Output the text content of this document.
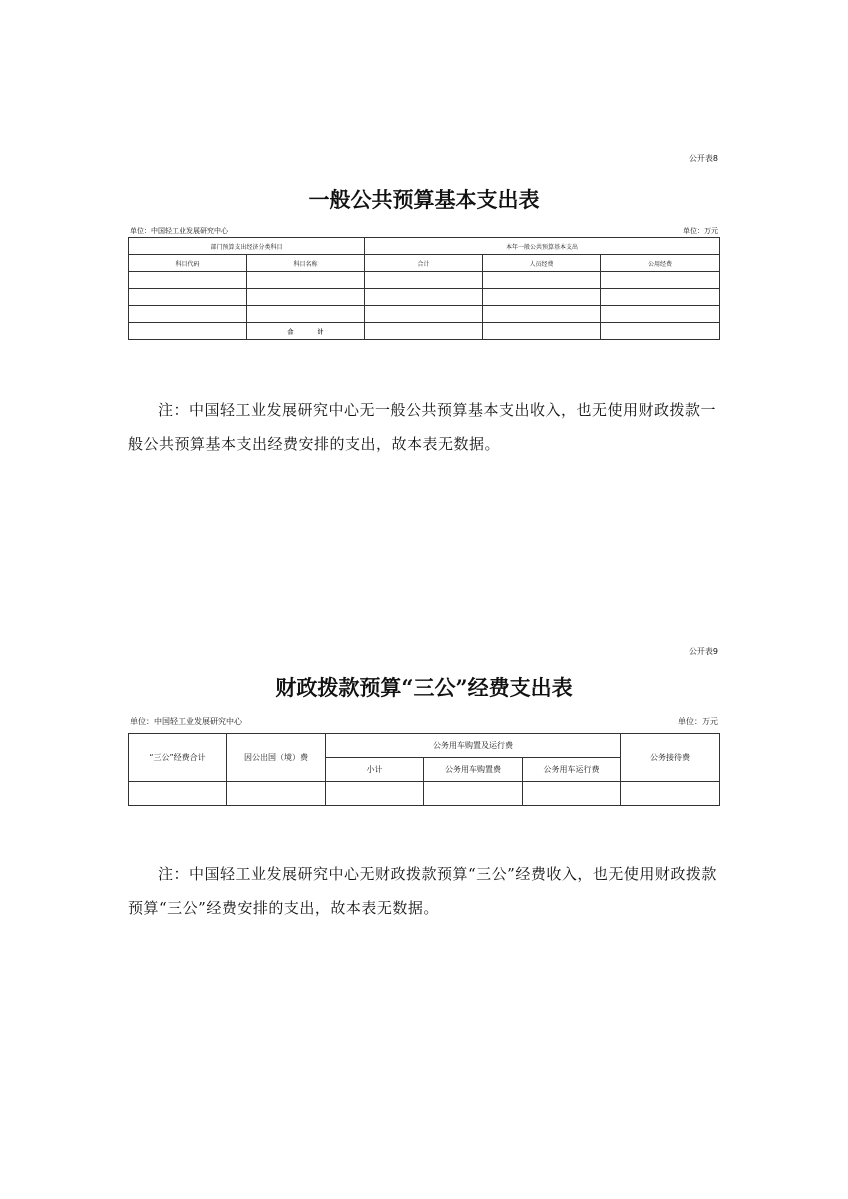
公开表8
一般公共预算基本支出表
单位：中国轻工业发展研究中心	单位：万元
部门预算支出经济分类科目		本年一般公共预算基本支出		
科目代码	科目名称	合计	人员经费	公用经费

	合　　　　计			
注：中国轻工业发展研究中心无一般公共预算基本支出收入，也无使用财政拨款一般公共预算基本支出经费安排的支出，故本表无数据。
公开表9
财政拨款预算“三公”经费支出表
单位：中国轻工业发展研究中心	单位：万元
“三公”经费合计	因公出国（境）费	公务用车购置及运行费			公务接待费
		小计	公务用车购置费	公务用车运行费	

注：中国轻工业发展研究中心无财政拨款预算“三公”经费收入，也无使用财政拨款预算“三公”经费安排的支出，故本表无数据。
